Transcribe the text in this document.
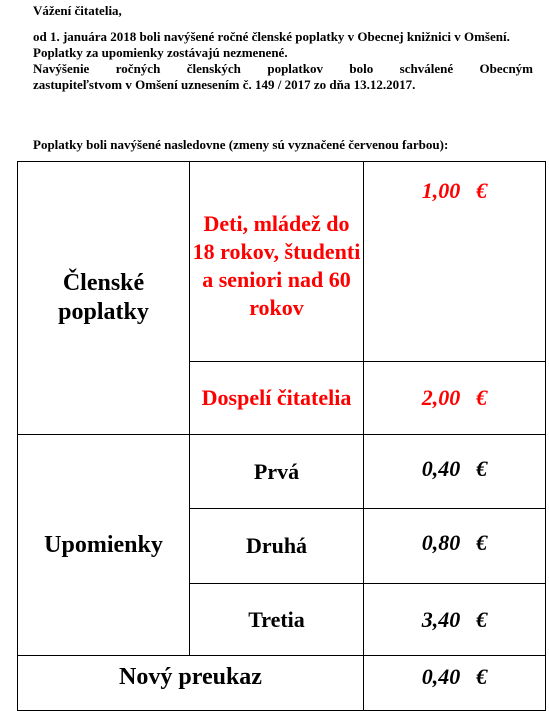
Vážení čitatelia,

od 1. januára 2018 boli navýšené ročné členské poplatky v Obecnej knižnici v Omšení. Poplatky za upomienky zostávajú nezmenené.

Navýšenie ročných členských poplatkov bolo schválené Obecným
zastupiteľstvom v Omšení uznesením č. 149 / 2017 zo dňa 13.12.2017.

Poplatky boli navýšené nasledovne (zmeny sú vyznačené červenou farbou):

Členské poplatky	Deti, mládež do 18 rokov, študenti a seniori nad 60 rokov	1,00 €
	Dospelí čitatelia	2,00 €
Upomienky	Prvá	0,40 €
	Druhá	0,80 €
	Tretia	3,40 €
Nový preukaz		0,40 €
